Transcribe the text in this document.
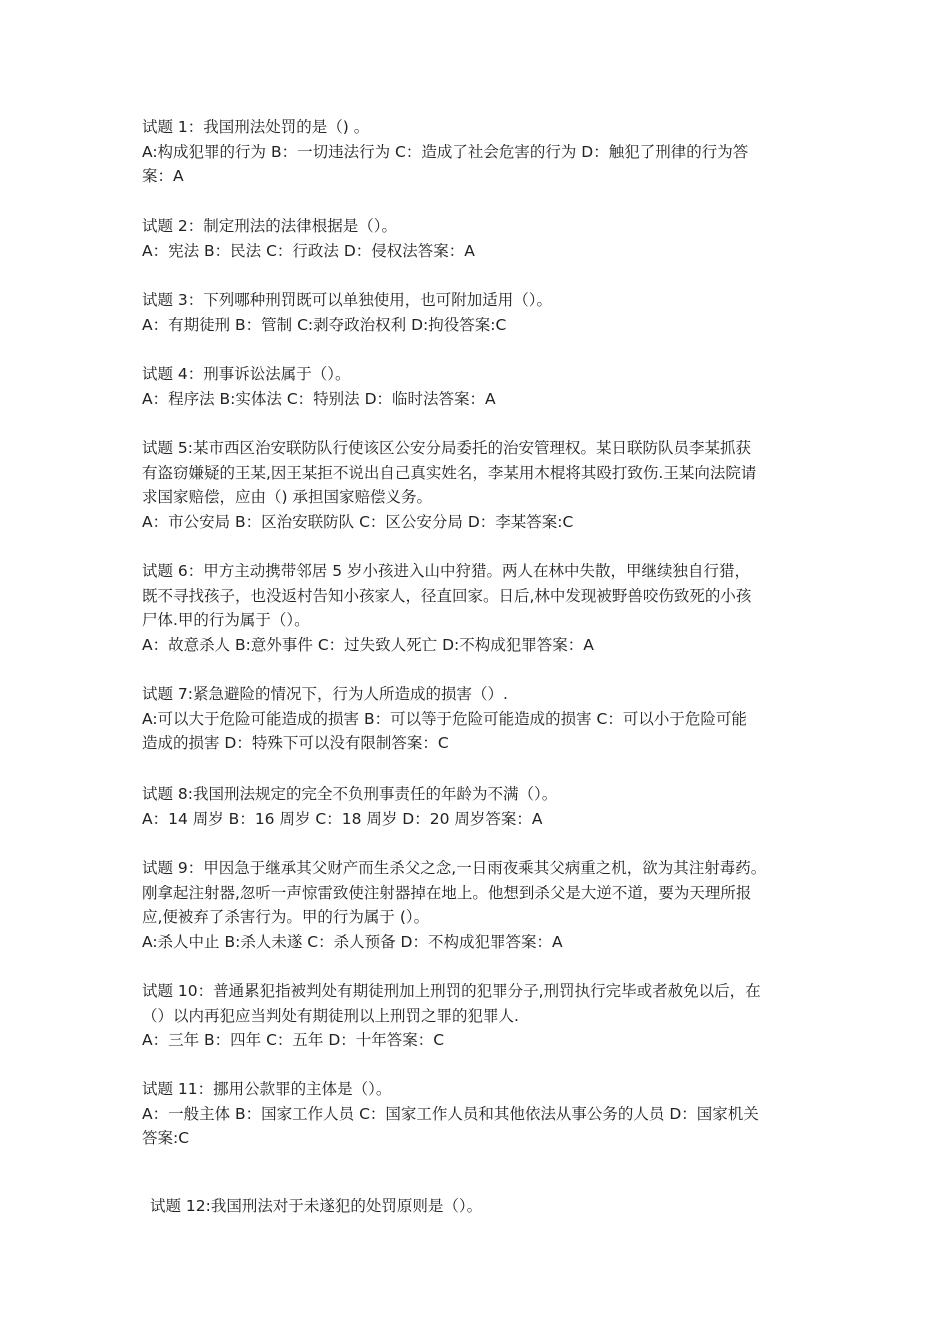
试题 1：我国刑法处罚的是（) 。
A:构成犯罪的行为 B：一切违法行为 C：造成了社会危害的行为 D：触犯了刑律的行为答
案：A
试题 2：制定刑法的法律根据是（）。
A：宪法 B：民法 C：行政法 D：侵权法答案：A
试题 3：下列哪种刑罚既可以单独使用，也可附加适用（）。
A：有期徒刑 B：管制 C:剥夺政治权利 D:拘役答案:C
试题 4：刑事诉讼法属于（）。
A：程序法 B:实体法 C：特别法 D：临时法答案：A
试题 5:某市西区治安联防队行使该区公安分局委托的治安管理权。某日联防队员李某抓获
有盗窃嫌疑的王某,因王某拒不说出自己真实姓名，李某用木棍将其殴打致伤.王某向法院请
求国家赔偿，应由（) 承担国家赔偿义务。
A：市公安局 B：区治安联防队 C：区公安分局 D：李某答案:C
试题 6：甲方主动携带邻居 5 岁小孩进入山中狩猎。两人在林中失散，甲继续独自行猎，
既不寻找孩子，也没返村告知小孩家人，径直回家。日后,林中发现被野兽咬伤致死的小孩
尸体.甲的行为属于（）。
A：故意杀人 B:意外事件 C：过失致人死亡 D:不构成犯罪答案：A
试题 7:紧急避险的情况下，行为人所造成的损害（）.
A:可以大于危险可能造成的损害 B：可以等于危险可能造成的损害 C：可以小于危险可能
造成的损害 D：特殊下可以没有限制答案：C
试题 8:我国刑法规定的完全不负刑事责任的年龄为不满（）。
A：14 周岁 B：16 周岁 C：18 周岁 D：20 周岁答案：A
试题 9：甲因急于继承其父财产而生杀父之念,一日雨夜乘其父病重之机，欲为其注射毒药。
刚拿起注射器,忽听一声惊雷致使注射器掉在地上。他想到杀父是大逆不道，要为天理所报
应,便被弃了杀害行为。甲的行为属于 (）。
A:杀人中止 B:杀人未遂 C：杀人预备 D：不构成犯罪答案：A
试题 10：普通累犯指被判处有期徒刑加上刑罚的犯罪分子,刑罚执行完毕或者赦免以后，在
（）以内再犯应当判处有期徒刑以上刑罚之罪的犯罪人.
A：三年 B：四年 C：五年 D：十年答案：C
试题 11：挪用公款罪的主体是（）。
A：一般主体 B：国家工作人员 C：国家工作人员和其他依法从事公务的人员 D：国家机关
答案:C
试题 12:我国刑法对于未遂犯的处罚原则是（）。
